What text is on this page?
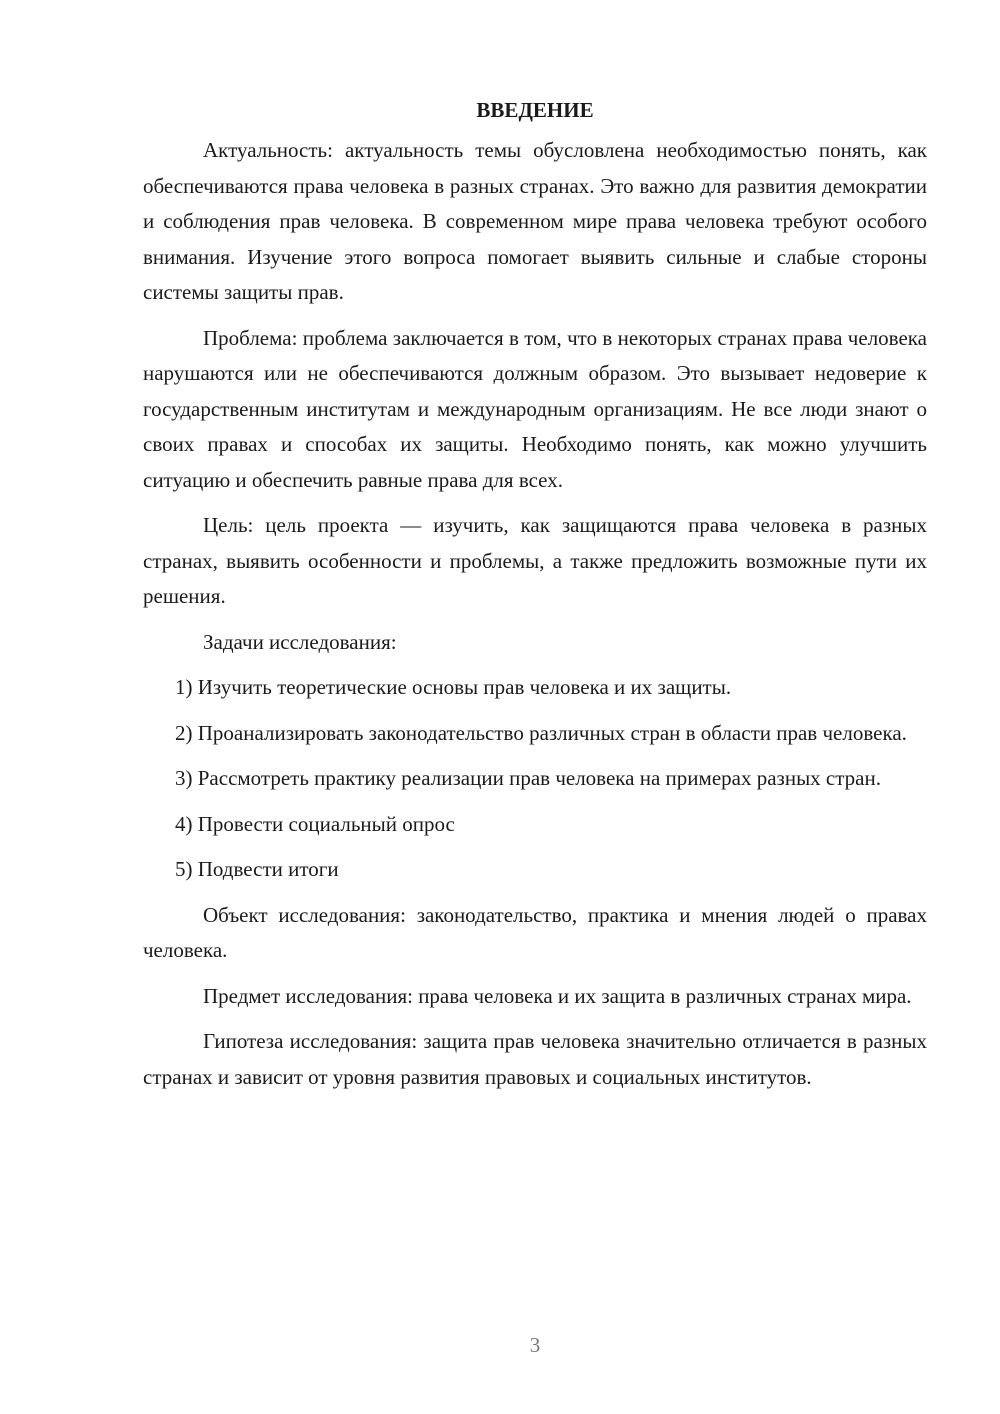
ВВЕДЕНИЕ

Актуальность: актуальность темы обусловлена необходимостью понять, как обеспечиваются права человека в разных странах. Это важно для развития демократии и соблюдения прав человека. В современном мире права человека требуют особого внимания. Изучение этого вопроса помогает выявить сильные и слабые стороны системы защиты прав.

Проблема: проблема заключается в том, что в некоторых странах права человека нарушаются или не обеспечиваются должным образом. Это вызывает недоверие к государственным институтам и международным организациям. Не все люди знают о своих правах и способах их защиты. Необходимо понять, как можно улучшить ситуацию и обеспечить равные права для всех.

Цель: цель проекта — изучить, как защищаются права человека в разных странах, выявить особенности и проблемы, а также предложить возможные пути их решения.

Задачи исследования:

1) Изучить теоретические основы прав человека и их защиты.

2) Проанализировать законодательство различных стран в области прав человека.

3) Рассмотреть практику реализации прав человека на примерах разных стран.

4) Провести социальный опрос

5) Подвести итоги

Объект исследования: законодательство, практика и мнения людей о правах человека.

Предмет исследования: права человека и их защита в различных странах мира.

Гипотеза исследования: защита прав человека значительно отличается в разных странах и зависит от уровня развития правовых и социальных институтов.

3
